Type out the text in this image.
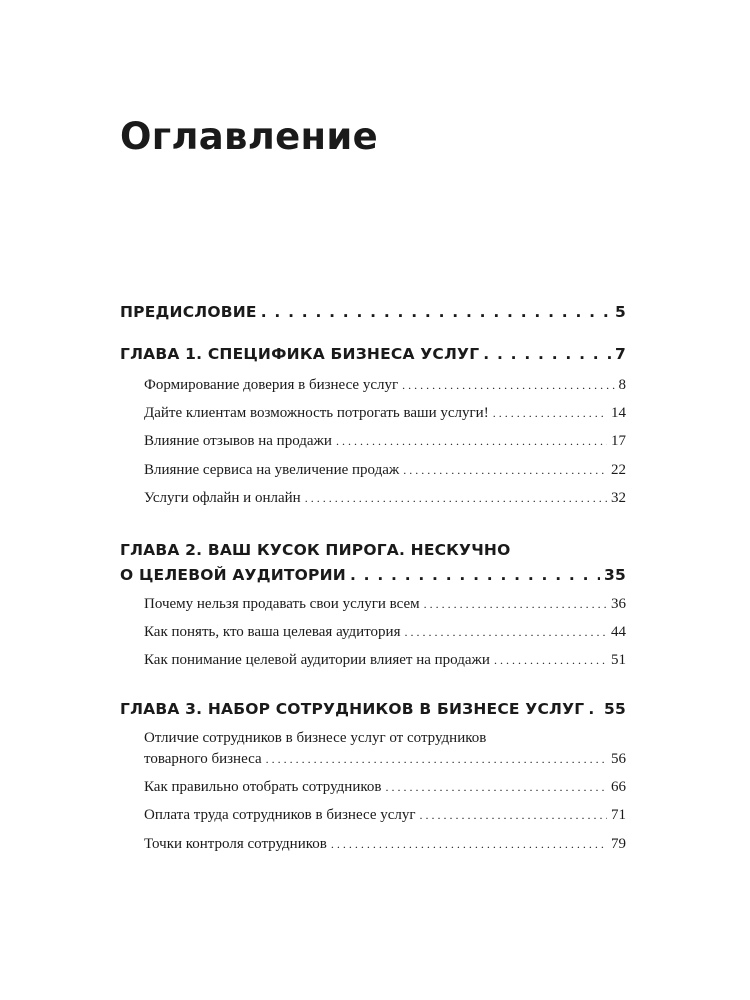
Оглавление
ПРЕДИСЛОВИЕ . . .	5
ГЛАВА 1. СПЕЦИФИКА БИЗНЕСА УСЛУГ . . .	7
Формирование доверия в бизнесе услуг . . .	8
Дайте клиентам возможность потрогать ваши услуги! . . .	14
Влияние отзывов на продажи . . .	17
Влияние сервиса на увеличение продаж . . .	22
Услуги офлайн и онлайн . . .	32
ГЛАВА 2. ВАШ КУСОК ПИРОГА. НЕСКУЧНО
О ЦЕЛЕВОЙ АУДИТОРИИ . . .	35
Почему нельзя продавать свои услуги всем . . .	36
Как понять, кто ваша целевая аудитория . . .	44
Как понимание целевой аудитории влияет на продажи . . .	51
ГЛАВА 3. НАБОР СОТРУДНИКОВ В БИЗНЕСЕ УСЛУГ . . . 55
Отличие сотрудников в бизнесе услуг от сотрудников
товарного бизнеса . . .	56
Как правильно отобрать сотрудников . . .	66
Оплата труда сотрудников в бизнесе услуг . . .	71
Точки контроля сотрудников . . .	79
